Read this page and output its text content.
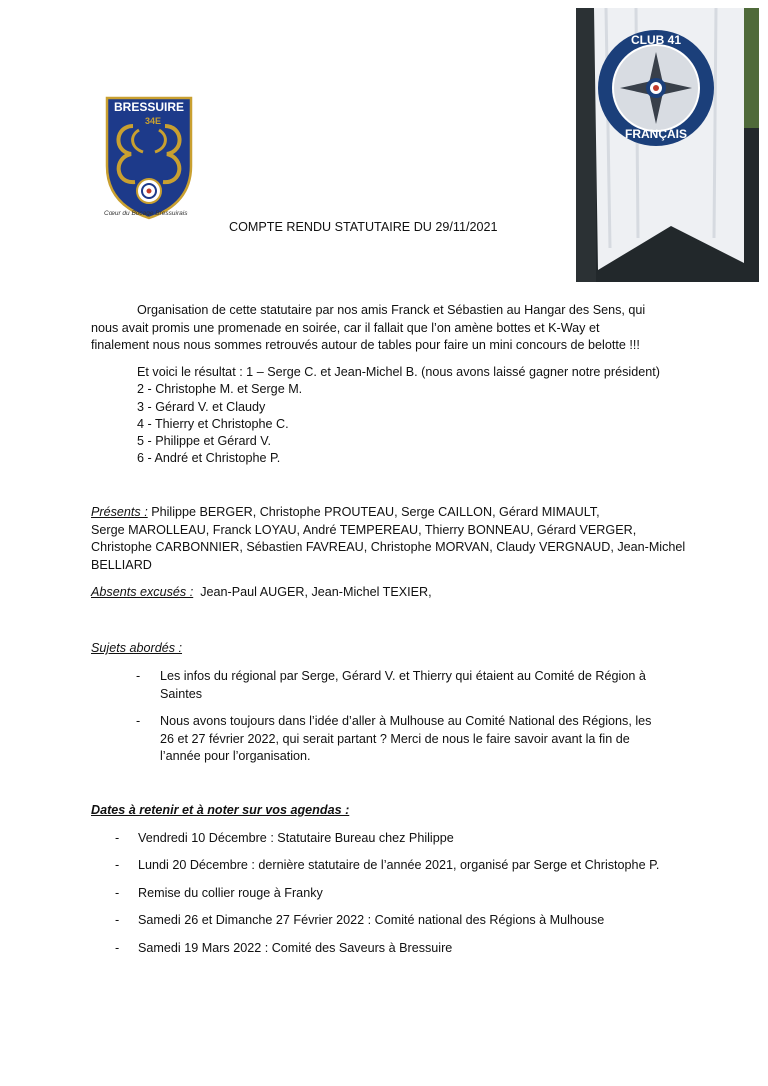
BRESSUIRE
34E
Cœur du Bocage Bressuirais
CLUB 41
FRANÇAIS
COMPTE RENDU STATUTAIRE DU 29/11/2021
Organisation de cette statutaire par nos amis Franck et Sébastien au Hangar des Sens, qui
nous avait promis une promenade en soirée, car il fallait que l’on amène bottes et K-Way et
finalement nous nous sommes retrouvés autour de tables pour faire un mini concours de belotte !!!
Et voici le résultat : 1 – Serge C. et Jean-Michel B. (nous avons laissé gagner notre président)
2 - Christophe M. et Serge M.
3 - Gérard V. et Claudy
4 - Thierry et Christophe C.
5 - Philippe et Gérard V.
6 - André et Christophe P.
Présents : Philippe BERGER, Christophe PROUTEAU, Serge CAILLON, Gérard MIMAULT,
Serge MAROLLEAU, Franck LOYAU, André TEMPEREAU, Thierry BONNEAU, Gérard VERGER,
Christophe CARBONNIER, Sébastien FAVREAU, Christophe MORVAN, Claudy VERGNAUD, Jean-Michel
BELLIARD
Absents excusés :  Jean-Paul AUGER, Jean-Michel TEXIER,
Sujets abordés :
- Les infos du régional par Serge, Gérard V. et Thierry qui étaient au Comité de Région à
Saintes
- Nous avons toujours dans l’idée d’aller à Mulhouse au Comité National des Régions, les
26 et 27 février 2022, qui serait partant ? Merci de nous le faire savoir avant la fin de
l’année pour l’organisation.
Dates à retenir et à noter sur vos agendas :
- Vendredi 10 Décembre : Statutaire Bureau chez Philippe
- Lundi 20 Décembre : dernière statutaire de l’année 2021, organisé par Serge et Christophe P.
- Remise du collier rouge à Franky
- Samedi 26 et Dimanche 27 Février 2022 : Comité national des Régions à Mulhouse
- Samedi 19 Mars 2022 : Comité des Saveurs à Bressuire
